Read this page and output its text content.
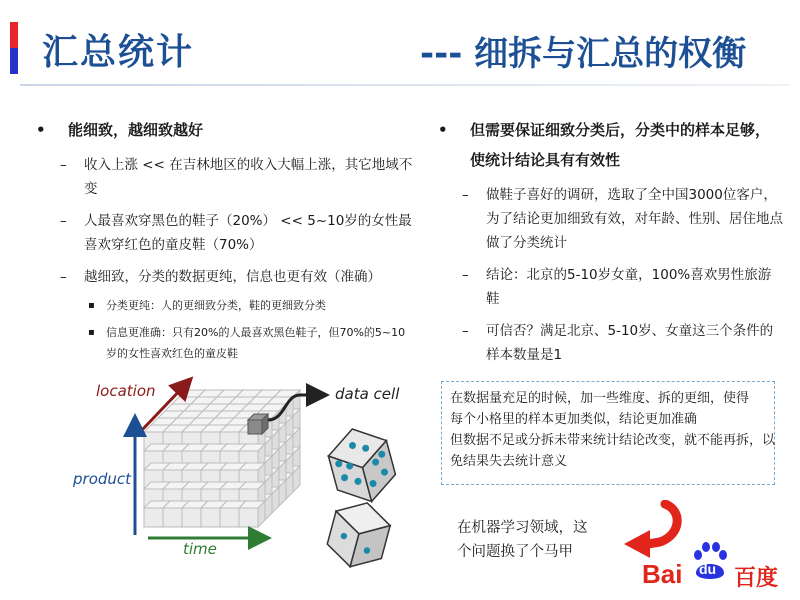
汇总统计	--- 细拆与汇总的权衡
• 能细致，越细致越好
– 收入上涨 << 在吉林地区的收入大幅上涨，其它地域不变
– 人最喜欢穿黑色的鞋子（20%） << 5~10岁的女性最喜欢穿红色的童皮鞋（70%）
– 越细致，分类的数据更纯，信息也更有效（准确）
▪ 分类更纯：人的更细致分类，鞋的更细致分类
▪ 信息更准确：只有20%的人最喜欢黑色鞋子，但70%的5~10岁的女性喜欢红色的童皮鞋
• 但需要保证细致分类后，分类中的样本足够，使统计结论具有有效性
– 做鞋子喜好的调研，选取了全中国3000位客户，为了结论更加细致有效，对年龄、性别、居住地点做了分类统计
– 结论：北京的5-10岁女童，100%喜欢男性旅游鞋
– 可信否？满足北京、5-10岁、女童这三个条件的样本数量是1
location
product
time
data cell	在数据量充足的时候，加一些维度、拆的更细，使得
每个小格里的样本更加类似，结论更加准确
但数据不足或分拆未带来统计结论改变，就不能再拆，以
免结果失去统计意义
在机器学习领域，这
个问题换了个马甲
Bai du 百度
